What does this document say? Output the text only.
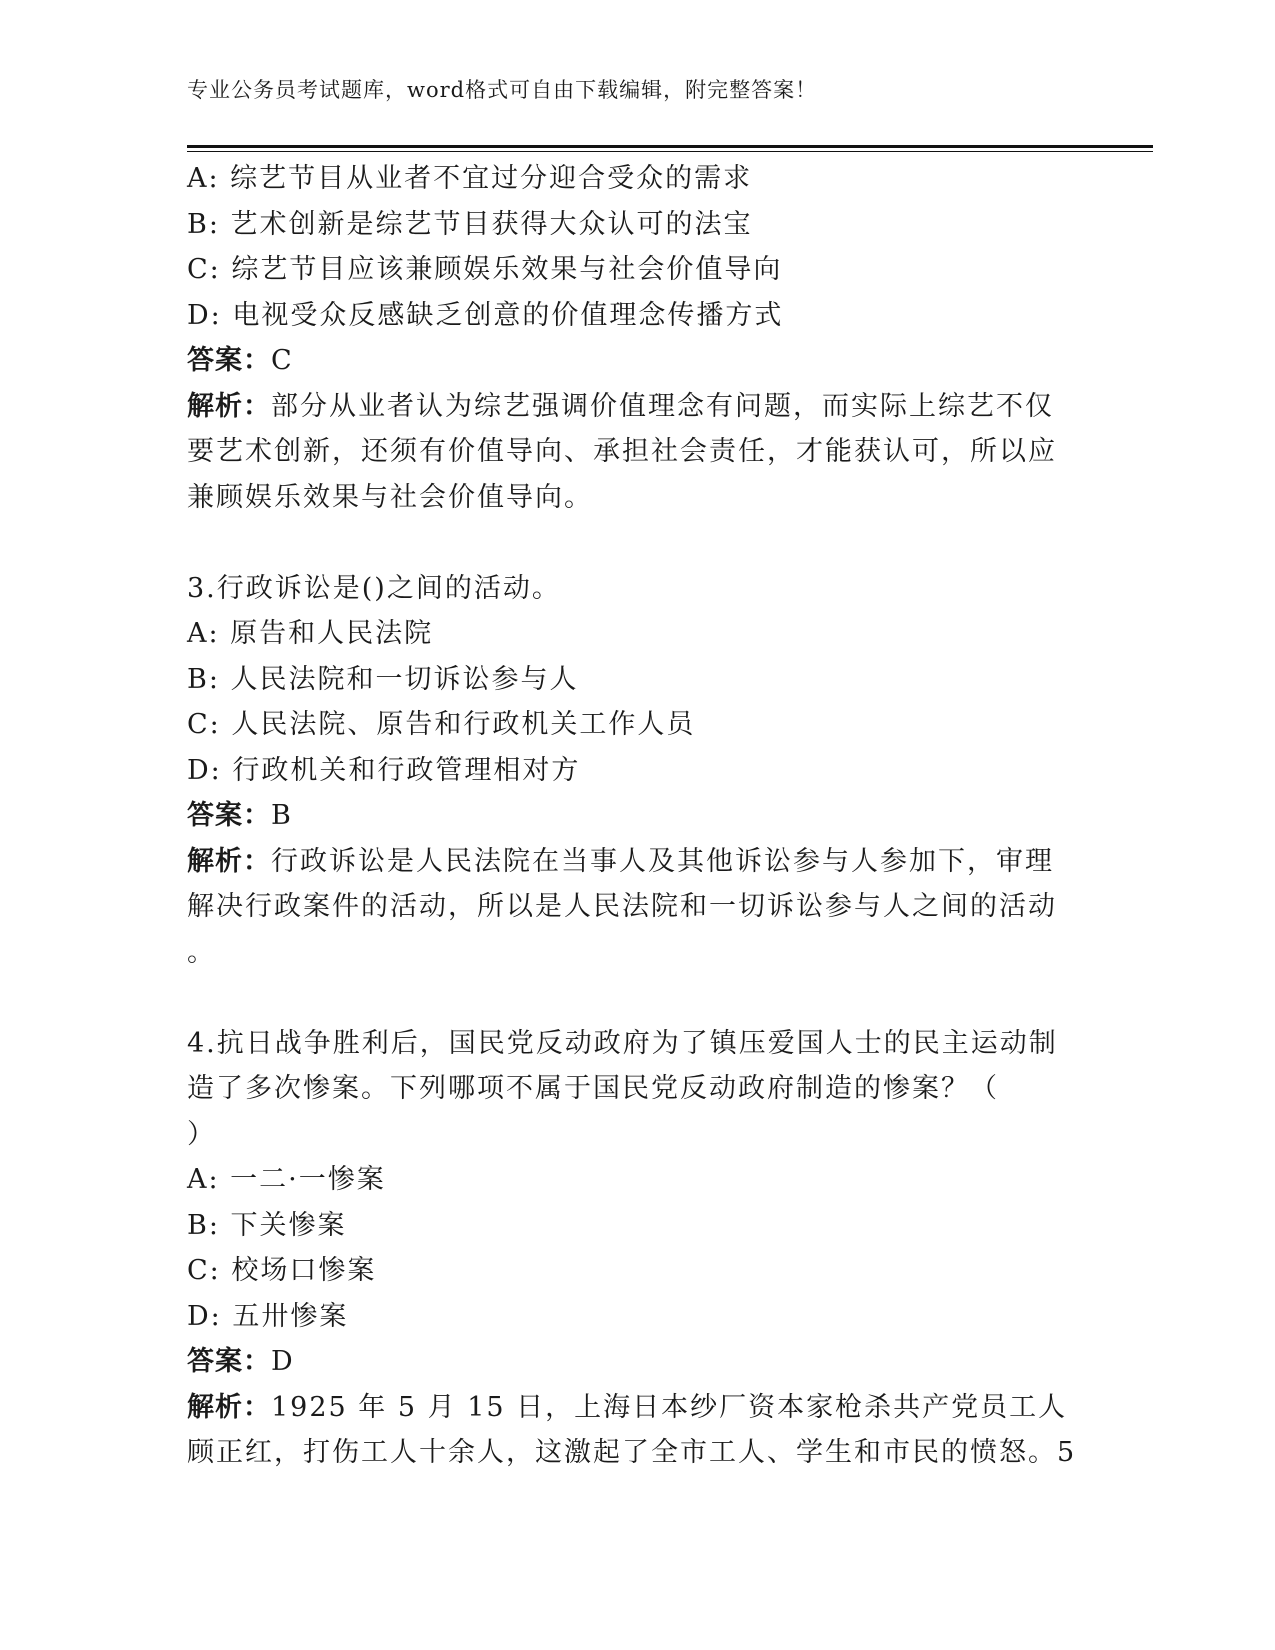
专业公务员考试题库，word格式可自由下载编辑，附完整答案！
A: 综艺节目从业者不宜过分迎合受众的需求
B: 艺术创新是综艺节目获得大众认可的法宝
C: 综艺节目应该兼顾娱乐效果与社会价值导向
D: 电视受众反感缺乏创意的价值理念传播方式
答案：C
解析：部分从业者认为综艺强调价值理念有问题，而实际上综艺不仅
要艺术创新，还须有价值导向、承担社会责任，才能获认可，所以应
兼顾娱乐效果与社会价值导向。
3.行政诉讼是()之间的活动。
A: 原告和人民法院
B: 人民法院和一切诉讼参与人
C: 人民法院、原告和行政机关工作人员
D: 行政机关和行政管理相对方
答案：B
解析：行政诉讼是人民法院在当事人及其他诉讼参与人参加下，审理
解决行政案件的活动，所以是人民法院和一切诉讼参与人之间的活动
。
4.抗日战争胜利后，国民党反动政府为了镇压爱国人士的民主运动制
造了多次惨案。下列哪项不属于国民党反动政府制造的惨案？（
）
A: 一二·一惨案
B: 下关惨案
C: 校场口惨案
D: 五卅惨案
答案：D
解析：1925 年 5 月 15 日，上海日本纱厂资本家枪杀共产党员工人
顾正红，打伤工人十余人，这激起了全市工人、学生和市民的愤怒。5
